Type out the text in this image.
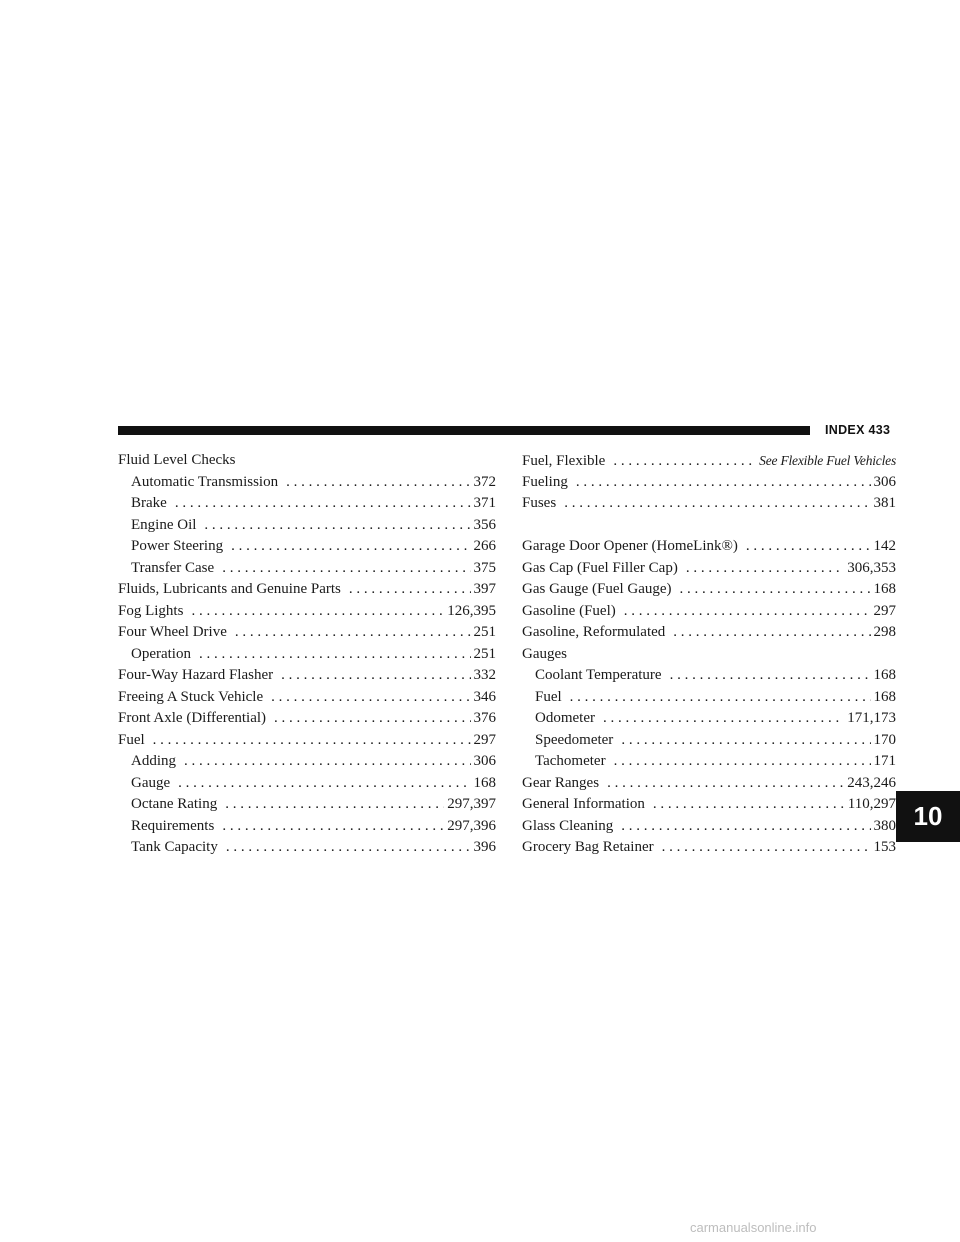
INDEX 433
Fluid Level Checks
Automatic Transmission . . .	372
Brake . . .	371
Engine Oil . . .	356
Power Steering . . .	266
Transfer Case . . .	375
Fluids, Lubricants and Genuine Parts . . .	397
Fog Lights . . .	126,395
Four Wheel Drive . . .	251
Operation . . .	251
Four-Way Hazard Flasher . . .	332
Freeing A Stuck Vehicle . . .	346
Front Axle (Differential) . . .	376
Fuel . . .	297
Adding . . .	306
Gauge . . .	168
Octane Rating . . .	297,397
Requirements . . .	297,396
Tank Capacity . . .	396
Fuel, Flexible . . .	See Flexible Fuel Vehicles
Fueling . . .	306
Fuses . . .	381
Garage Door Opener (HomeLink®) . . .	142
Gas Cap (Fuel Filler Cap) . . .	306,353
Gas Gauge (Fuel Gauge) . . .	168
Gasoline (Fuel) . . .	297
Gasoline, Reformulated . . .	298
Gauges
Coolant Temperature . . .	168
Fuel . . .	168
Odometer . . .	171,173
Speedometer . . .	170
Tachometer . . .	171
Gear Ranges . . .	243,246
General Information . . .	110,297
Glass Cleaning . . .	380
Grocery Bag Retainer . . .	153
10
carmanualsonline.info
